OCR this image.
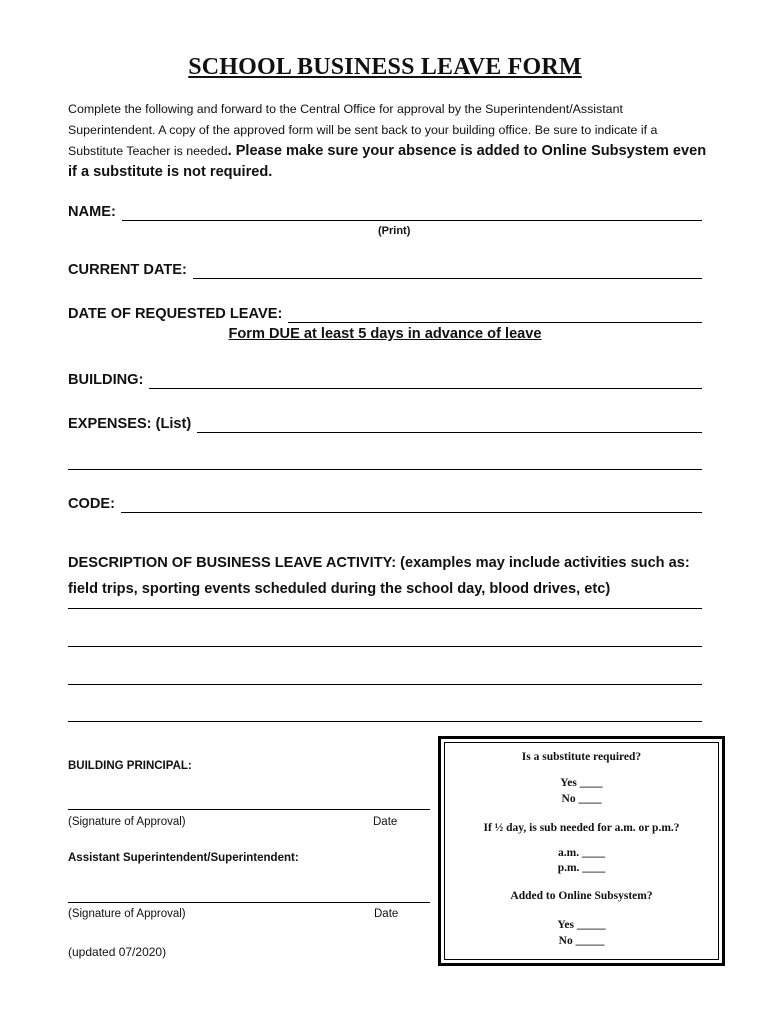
SCHOOL BUSINESS LEAVE FORM
Complete the following and forward to the Central Office for approval by the Superintendent/Assistant Superintendent. A copy of the approved form will be sent back to your building office. Be sure to indicate if a Substitute Teacher is needed. Please make sure your absence is added to Online Subsystem even if a substitute is not required.
NAME:
(Print)
CURRENT DATE:
DATE OF REQUESTED LEAVE:
Form DUE at least 5 days in advance of leave
BUILDING:
EXPENSES: (List)
CODE:
DESCRIPTION OF BUSINESS LEAVE ACTIVITY: (examples may include activities such as: field trips, sporting events scheduled during the school day, blood drives, etc)
BUILDING PRINCIPAL:
(Signature of Approval)	Date
Assistant Superintendent/Superintendent:
(Signature of Approval)	Date
(updated 07/2020)
Is a substitute required?
Yes ____
No ____
If ½ day, is sub needed for a.m. or p.m.?
a.m. ____
p.m. ____
Added to Online Subsystem?
Yes _____
No _____
